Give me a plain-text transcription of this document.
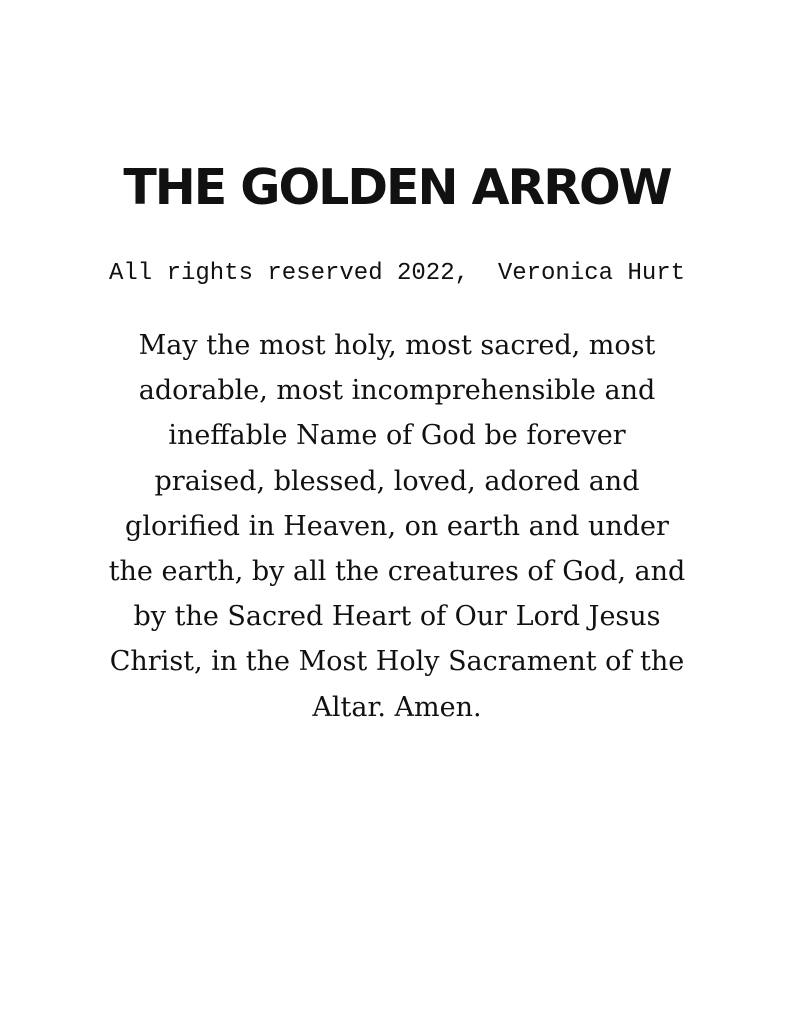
THE GOLDEN ARROW

All rights reserved 2022,  Veronica Hurt

May the most holy, most sacred, most
adorable, most incomprehensible and
ineffable Name of God be forever
praised, blessed, loved, adored and
glorified in Heaven, on earth and under
the earth, by all the creatures of God, and
by the Sacred Heart of Our Lord Jesus
Christ, in the Most Holy Sacrament of the
Altar. Amen.
